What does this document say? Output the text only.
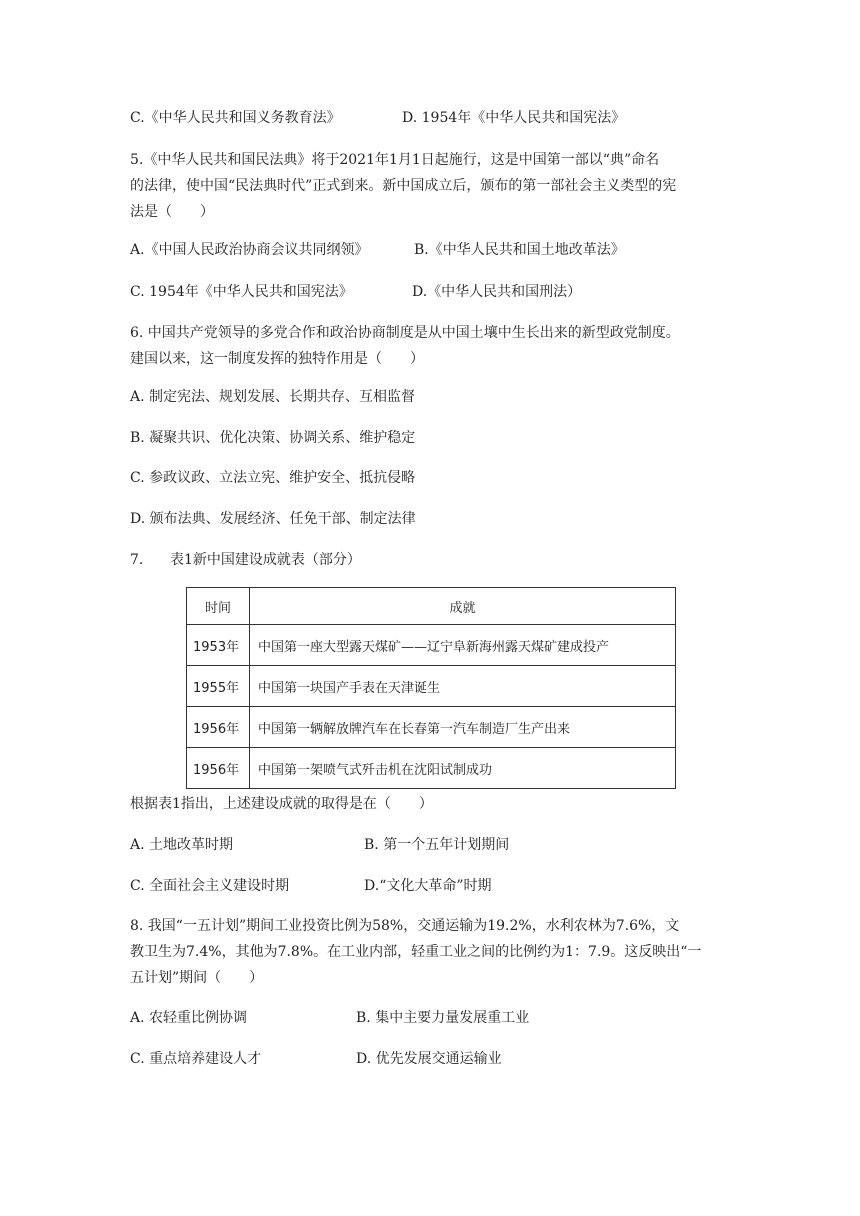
C.《中华人民共和国义务教育法》	D. 1954年《中华人民共和国宪法》
5.《中华人民共和国民法典》将于2021年1月1日起施行，这是中国第一部以“典”命名
的法律，使中国“民法典时代”正式到来。新中国成立后，颁布的第一部社会主义类型的宪
法是（　　）
A.《中国人民政治协商会议共同纲领》	B.《中华人民共和国土地改革法》
C. 1954年《中华人民共和国宪法》	D.《中华人民共和国刑法）
6. 中国共产党领导的多党合作和政治协商制度是从中国土壤中生长出来的新型政党制度。
建国以来，这一制度发挥的独特作用是（　　）
A. 制定宪法、规划发展、长期共存、互相监督
B. 凝聚共识、优化决策、协调关系、维护稳定
C. 参政议政、立法立宪、维护安全、抵抗侵略
D. 颁布法典、发展经济、任免干部、制定法律
7. 表1新中国建设成就表（部分）
时间	成就
1953年	中国第一座大型露天煤矿——辽宁阜新海州露天煤矿建成投产
1955年	中国第一块国产手表在天津诞生
1956年	中国第一辆解放牌汽车在长春第一汽车制造厂生产出来
1956年	中国第一架喷气式歼击机在沈阳试制成功
根据表1指出，上述建设成就的取得是在（　　）
A. 土地改革时期	B. 第一个五年计划期间
C. 全面社会主义建设时期	D.“文化大革命”时期
8. 我国“一五计划”期间工业投资比例为58%，交通运输为19.2%，水利农林为7.6%，文
教卫生为7.4%，其他为7.8%。在工业内部，轻重工业之间的比例约为1：7.9。这反映出“一
五计划”期间（　　）
A. 农轻重比例协调	B. 集中主要力量发展重工业
C. 重点培养建设人才	D. 优先发展交通运输业
